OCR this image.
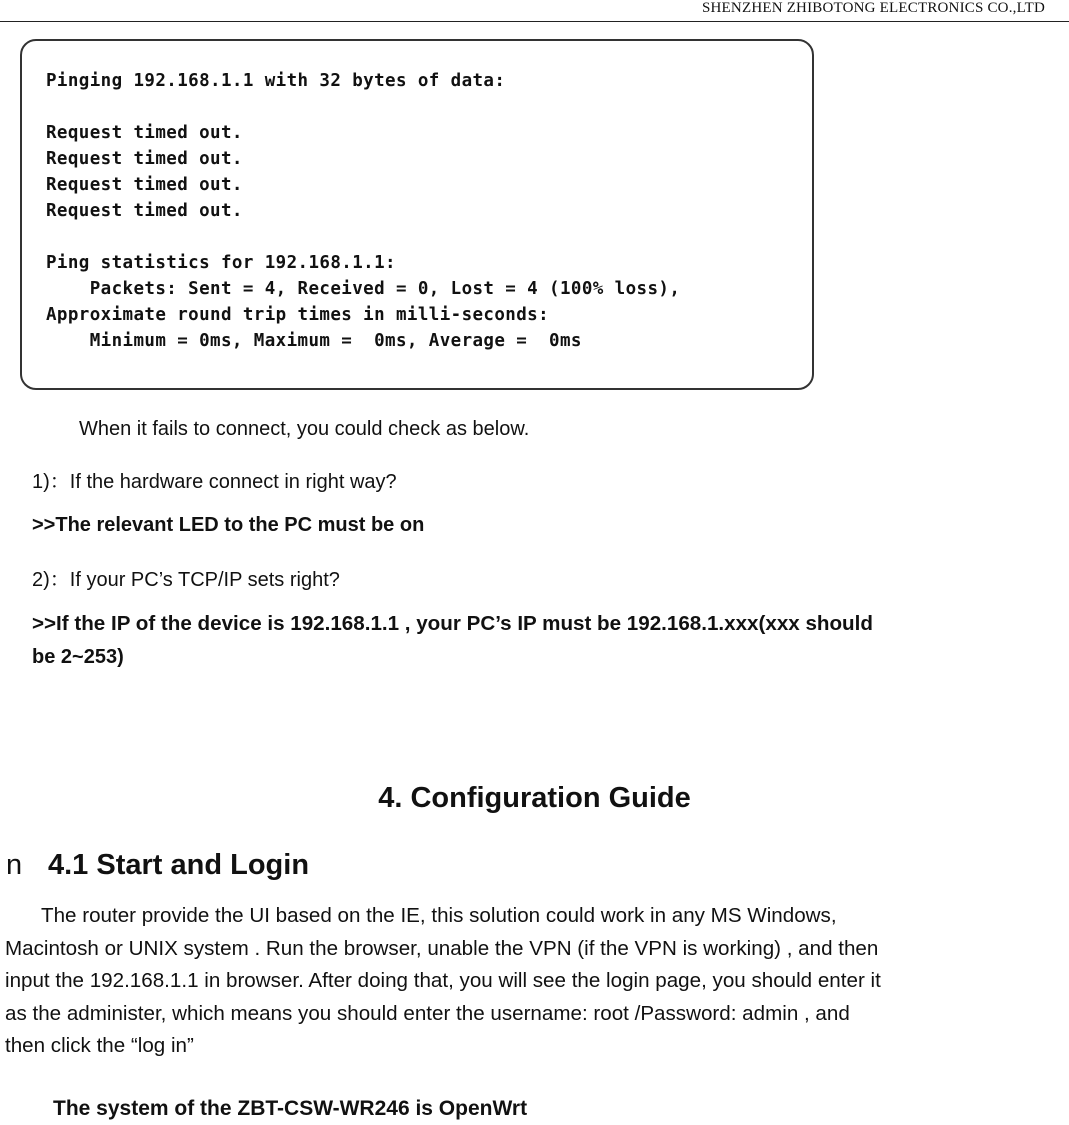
SHENZHEN ZHIBOTONG ELECTRONICS CO.,LTD
Pinging 192.168.1.1 with 32 bytes of data:
Request timed out.
Request timed out.
Request timed out.
Request timed out.
Ping statistics for 192.168.1.1:
Packets: Sent = 4, Received = 0, Lost = 4 (100% loss),
Approximate round trip times in milli-seconds:
Minimum = 0ms, Maximum =  0ms, Average =  0ms
When it fails to connect, you could check as below.
1)：If the hardware connect in right way?
>>The relevant LED to the PC must be on
2)：If your PC’s TCP/IP sets right?
>>If the IP of the device is 192.168.1.1 , your PC’s IP must be 192.168.1.xxx(xxx should
be 2~253)
4. Configuration Guide
n 4.1 Start and Login
The router provide the UI based on the IE, this solution could work in any MS Windows,
Macintosh or UNIX system . Run the browser, unable the VPN (if the VPN is working) , and then
input the 192.168.1.1 in browser. After doing that, you will see the login page, you should enter it
as the administer, which means you should enter the username: root /Password: admin , and
then click the “log in”
The system of the ZBT-CSW-WR246 is OpenWrt
